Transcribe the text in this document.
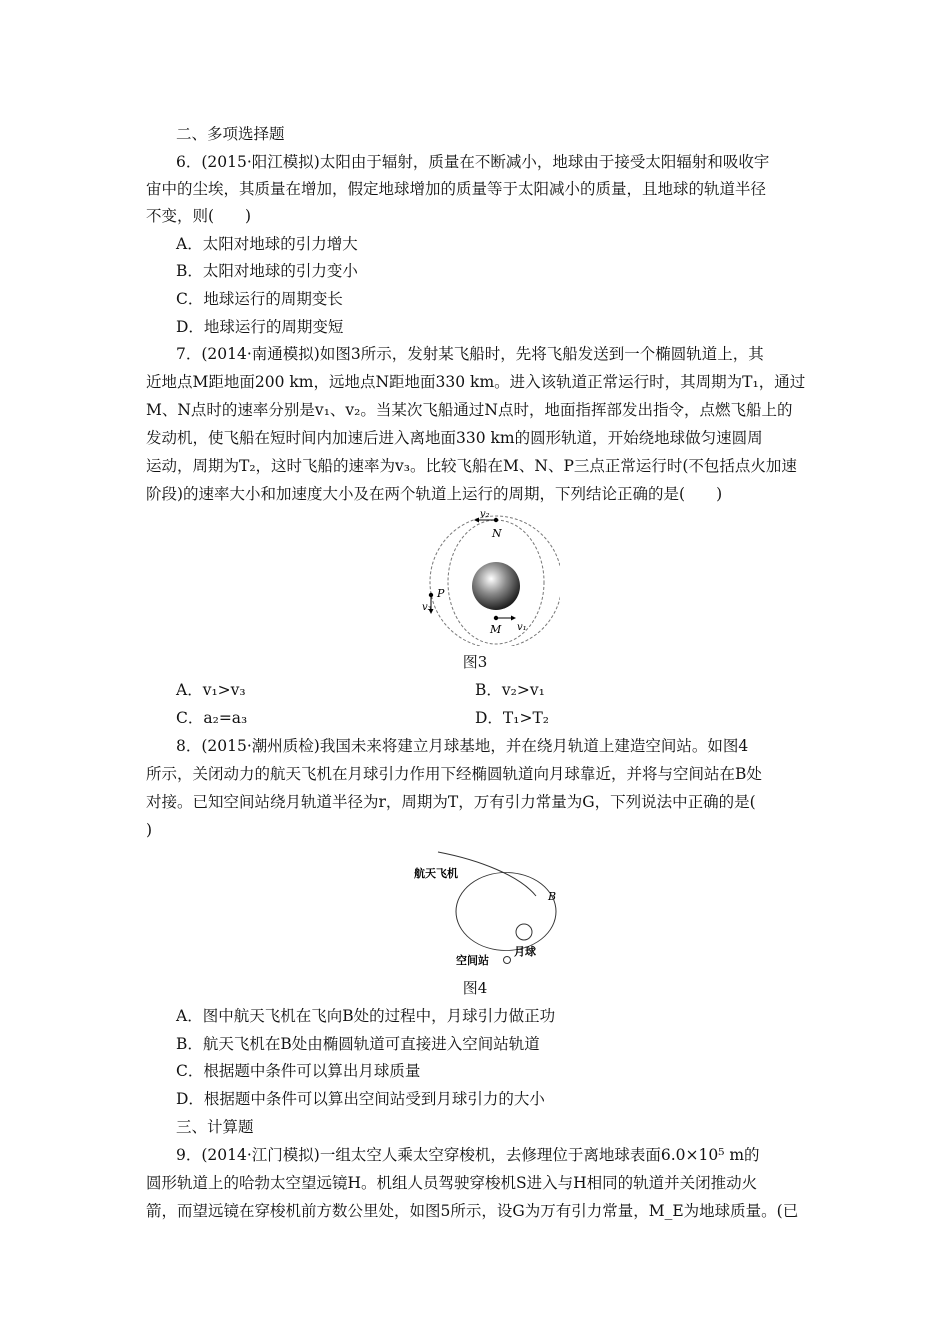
二、多项选择题
6．(2015·阳江模拟)太阳由于辐射，质量在不断减小，地球由于接受太阳辐射和吸收宇
宙中的尘埃，其质量在增加，假定地球增加的质量等于太阳减小的质量，且地球的轨道半径
不变，则(　　)
A．太阳对地球的引力增大
B．太阳对地球的引力变小
C．地球运行的周期变长
D．地球运行的周期变短
7．(2014·南通模拟)如图3所示，发射某飞船时，先将飞船发送到一个椭圆轨道上，其
近地点M距地面200 km，远地点N距地面330 km。进入该轨道正常运行时，其周期为T₁，通过
M、N点时的速率分别是v₁、v₂。当某次飞船通过N点时，地面指挥部发出指令，点燃飞船上的
发动机，使飞船在短时间内加速后进入离地面330 km的圆形轨道，开始绕地球做匀速圆周
运动，周期为T₂，这时飞船的速率为v₃。比较飞船在M、N、P三点正常运行时(不包括点火加速
阶段)的速率大小和加速度大小及在两个轨道上运行的周期，下列结论正确的是(　　)
v₂
N
P
v₃
M v₁
图3
A．v₁>v₃	B．v₂>v₁
C．a₂=a₃	D．T₁>T₂
8．(2015·潮州质检)我国未来将建立月球基地，并在绕月轨道上建造空间站。如图4
所示，关闭动力的航天飞机在月球引力作用下经椭圆轨道向月球靠近，并将与空间站在B处
对接。已知空间站绕月轨道半径为r，周期为T，万有引力常量为G，下列说法中正确的是(
)
航天飞机
B
月球
空间站
图4
A．图中航天飞机在飞向B处的过程中，月球引力做正功
B．航天飞机在B处由椭圆轨道可直接进入空间站轨道
C．根据题中条件可以算出月球质量
D．根据题中条件可以算出空间站受到月球引力的大小
三、计算题
9．(2014·江门模拟)一组太空人乘太空穿梭机，去修理位于离地球表面6.0×10⁵ m的
圆形轨道上的哈勃太空望远镜H。机组人员驾驶穿梭机S进入与H相同的轨道并关闭推动火
箭，而望远镜在穿梭机前方数公里处，如图5所示，设G为万有引力常量，M_E为地球质量。(已
